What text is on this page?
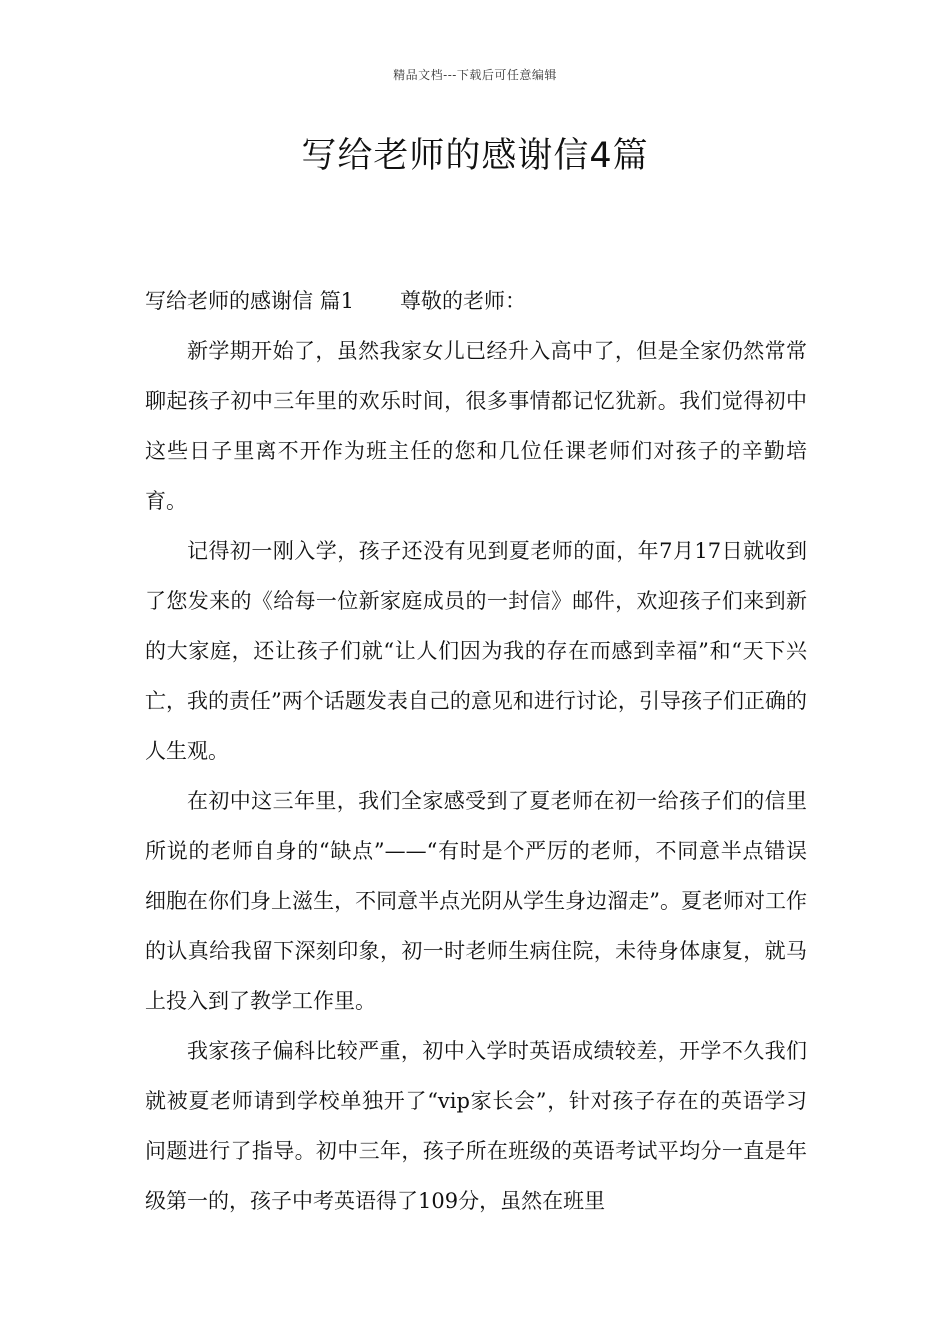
精品文档---下载后可任意编辑
写给老师的感谢信4篇

写给老师的感谢信 篇1 尊敬的老师：

新学期开始了，虽然我家女儿已经升入高中了，但是全家仍然常常聊起孩子初中三年里的欢乐时间，很多事情都记忆犹新。我们觉得初中这些日子里离不开作为班主任的您和几位任课老师们对孩子的辛勤培育。

记得初一刚入学，孩子还没有见到夏老师的面，年7月17日就收到了您发来的《给每一位新家庭成员的一封信》邮件，欢迎孩子们来到新的大家庭，还让孩子们就“让人们因为我的存在而感到幸福”和“天下兴亡，我的责任”两个话题发表自己的意见和进行讨论，引导孩子们正确的人生观。

在初中这三年里，我们全家感受到了夏老师在初一给孩子们的信里所说的老师自身的“缺点”——“有时是个严厉的老师，不同意半点错误细胞在你们身上滋生，不同意半点光阴从学生身边溜走”。夏老师对工作的认真给我留下深刻印象，初一时老师生病住院，未待身体康复，就马上投入到了教学工作里。

我家孩子偏科比较严重，初中入学时英语成绩较差，开学不久我们就被夏老师请到学校单独开了“vip家长会”，针对孩子存在的英语学习问题进行了指导。初中三年，孩子所在班级的英语考试平均分一直是年级第一的，孩子中考英语得了109分，虽然在班里
